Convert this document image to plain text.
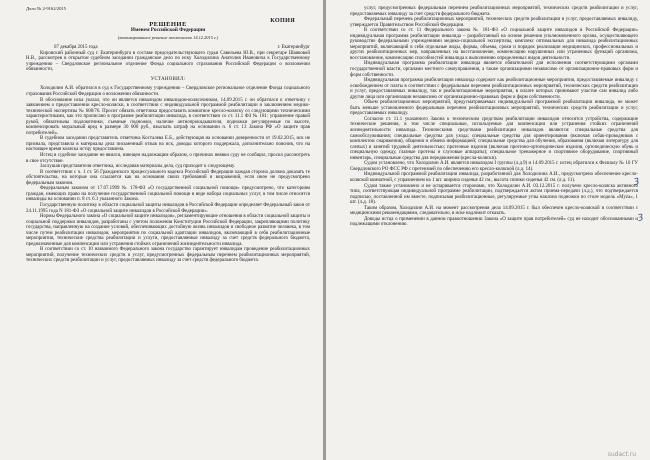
Дело № 2-9162/2015
КОПИЯ
РЕШЕНИЕ
Именем Российской Федерации
(мотивированное решение изготовлено 14.12.2015 г.)
07 декабря 2015 года	г. Екатеринбург

Кировский районный суд г. Екатеринбурга в составе председательствующего судьи Савельева Ю.В., при секретаре Шаяковой Н.В., рассмотрев в открытом судебном заседании гражданское дело по иску Холодилина Анатолия Ивановича к Государственному учреждению – Свердловское региональное отделение Фонда социального страхования Российской Федерации о возложении обязанности,

УСТАНОВИЛ:

Холодилин А.И. обратился в суд к Государственному учреждению – Свердловское региональное отделение Фонда социального страхования Российской Федерации о возложении обязанности.

В обоснование иска указал, что он является инвалидом инвалидом-колясочником, 14.09.2015 г. он обратился к ответчику с заявлением о предоставлении кресло-коляски, в соответствии с индивидуальной программой реабилитации и заключением медико-технической экспертизы № 608/76. Просит обязать ответчика предоставить комнатное кресло-коляску со следующими техническими характеристиками, как это прописано в программе реабилитации инвалида, в соответствии со ст. 11.1 ФЗ № 181: управление правой рукой, обязательны подлокотники, съемные подножки, наличие антиопрокидывателя, подножки регулируемые по высоте, компенсировать моральный вред в размере 30 000 руб., взыскать штраф на основании п. 6 ст. 13 Закона РФ «О защите прав потребителей».

В судебном заседании представитель ответчика Косталева Е.Б., действующая на основании доверенности от 19.02.2015, иск не признала, представила в материалы дела письменный отзыв на иск, доводы которого поддержала, дополнительно пояснив, что на настоящее время коляска истцу предоставлена.

Истец в судебное заседание не явился, извещен надлежащим образом, о причинах неявки суду не сообщил, просил рассмотреть в свое отсутствие.

Заслушав представителя ответчика, исследовав материалы дела, суд приходит к следующему.

В соответствии с ч. 1 ст. 56 Гражданского процессуального кодекса Российской Федерации каждая сторона должна доказать те обстоятельства, на которые она ссылается как на основания своих требований и возражений, если иное не предусмотрено федеральным законом.

Федеральным законом от 17.07.1999 № 178-ФЗ «О государственной социальной помощи» предусмотрено, что категориям граждан, имеющих право на получение государственной социальной помощи в виде набора социальных услуг, в том числе относятся инвалиды на основании п. 8 ст. 6.1 указанного Закона.

Государственную политику в области социальной защиты инвалидов в Российской Федерации определяет Федеральный закон от 24.11.1995 года N 181-ФЗ «О социальной защите инвалидов в Российской Федерации».

Нормы Федерального закона «О социальной защите инвалидов», регламентирующие отношения в области социальной защиты и социальной поддержки инвалидов, разработаны с учетом положения Конституции Российской Федерации, закрепляющими политику государства, направленную на создание условий, обеспечивающих достойную жизнь инвалидов и свободное развитие человека, в том числе путем реабилитации инвалидов, мероприятия по социальной адаптации инвалидов, включающий в себя реабилитационные мероприятия, технические средства реабилитации и услуги, предоставляемые инвалиду за счет средств федерального бюджета, предназначенные для компенсации или устранения стойких ограничений жизнедеятельности инвалида.

В соответствии со ст. 10 названного Федерального закона государство гарантирует инвалидам проведение реабилитационных мероприятий, получение технических средств и услуг, предусмотренных федеральным перечнем реабилитационных мероприятий, технических средств реабилитации и услуг, предоставляемых инвалиду за счет средств федерального бюджета.

услуг, предусмотренных федеральным перечнем реабилитационных мероприятий, технических средств реабилитации и услуг, предоставляемых инвалиду за счет средств федерального бюджета.

Федеральный перечень реабилитационных мероприятий, технических средств реабилитации и услуг, предоставляемых инвалиду, утверждается Правительством Российской Федерации.

В соответствии со ст. 11 Федерального закона № 181-ФЗ «О социальной защите инвалидов в Российской Федерации» индивидуальная программа реабилитации инвалида – разработанный на основе решения уполномоченного органа, осуществляющего руководство федеральными учреждениями медико-социальной экспертизы, комплекс оптимальных для инвалида реабилитационных мероприятий, включающий в себя отдельные виды, формы, объемы, сроки и порядок реализации медицинских, профессиональных и других реабилитационных мер, направленных на восстановление, компенсацию нарушенных или утраченных функций организма, восстановление, компенсацию способностей инвалида к выполнению определенных видов деятельности.

Индивидуальная программа реабилитации инвалида является обязательной для исполнения соответствующими органами государственной власти, органами местного самоуправления, а также организациями независимо от организационно-правовых форм и форм собственности.

Индивидуальная программа реабилитации инвалида содержит как реабилитационные мероприятия, предоставляемые инвалиду с освобождением от платы в соответствии с федеральным перечнем реабилитационных мероприятий, технических средств реабилитации и услуг, предоставляемых инвалиду, так и реабилитационные мероприятия, в оплате которых принимают участие сам инвалид либо другие лица или организации независимо от организационно-правовых форм и форм собственности.

Объем реабилитационных мероприятий, предусматриваемых индивидуальной программой реабилитации инвалида, не может быть меньше установленного федеральным перечнем реабилитационных мероприятий, технических средств реабилитации и услуг, предоставляемых инвалиду.

Согласно ст. 11.1 указанного Закона к техническим средствам реабилитации инвалидов относятся устройства, содержащие технические решения, в том числе специальные, используемые для компенсации или устранения стойких ограничений жизнедеятельности инвалида. Техническими средствами реабилитации инвалидов являются: специальные средства для самообслуживания; специальные средства для ухода; специальные средства для ориентирования (включая собак-проводников с комплектом снаряжения), общения и обмена информацией; специальные средства для обучения, образования (включая литературу для слепых) и занятий трудовой деятельностью; протезные изделия (включая протезно-ортопедические изделия, ортопедическую обувь и специальную одежду, глазные протезы и слуховые аппараты); специальное тренажерное и спортивное оборудование, спортивный инвентарь, специальные средства для передвижения (кресла-коляски).

Судом установлено, что Холодилин А.И. является инвалидом I группы (л.д.9) и 14.09.2015 г. истец обратился к Филиалу № 10 ГУ Свердловского РО ФСС РФ с претензией по обеспечению его кресло-коляской (л.д. 14).

Индивидуальной программой реабилитации инвалида, разработанной для Холодилина А.И., предусмотрено обеспечение кресло-коляской комнатной, с управлением на 1 шт. ширина сиденья 42 см., высота спинки сиденья 42 см. (л.д. 11).

Судом также установлено и не оспаривается сторонами, что Холодилин А.И. 03.12.2015 г. получено кресло-коляска активного типа, соответствующая индивидуальной программе реабилитации, подтверждается актом приема-передачи (л.д.), что подтверждается подписью, поставленной им вместе, подписывая реабилитационные, регулируемые углы наклона подножки по столе модель «Mуza», 1 шт. (л.д. 18).

Таким образом, Холодилин А.И. на момент рассмотрения дела 14.09.2015 г. был обеспечен кресло-коляской в соответствии с медицинскими рекомендациями, следовательно, в иске надлежит отказать.

Доводы истца о применении в данном правоотношении Закона «О защите прав потребителей» суд не находит обоснованными и подлежащими отклонению.

3
3
sudact.ru
